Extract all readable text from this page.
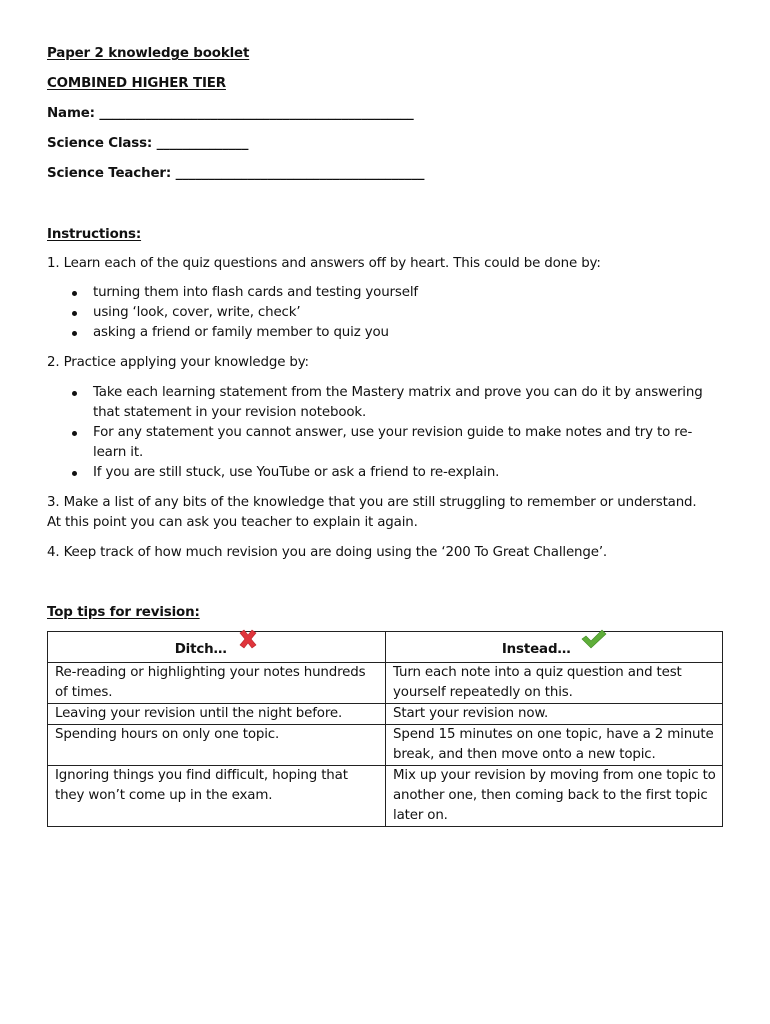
Paper 2 knowledge booklet
COMBINED HIGHER TIER
Name: ________________________________________________
Science Class: ______________
Science Teacher: ______________________________________
Instructions:
1. Learn each of the quiz questions and answers off by heart. This could be done by:
turning them into flash cards and testing yourself
using ‘look, cover, write, check’
asking a friend or family member to quiz you
2. Practice applying your knowledge by:
Take each learning statement from the Mastery matrix and prove you can do it by answering
that statement in your revision notebook.
For any statement you cannot answer, use your revision guide to make notes and try to re-
learn it.
If you are still stuck, use YouTube or ask a friend to re-explain.
3. Make a list of any bits of the knowledge that you are still struggling to remember or understand.
At this point you can ask you teacher to explain it again.
4. Keep track of how much revision you are doing using the ‘200 To Great Challenge’.
Top tips for revision:
Ditch…	Instead…

Re-reading or highlighting your notes hundreds
of times.	Turn each note into a quiz question and test
yourself repeatedly on this.

Leaving your revision until the night before.	Start your revision now.

Spending hours on only one topic.	Spend 15 minutes on one topic, have a 2 minute
break, and then move onto a new topic.

Ignoring things you find difficult, hoping that
they won’t come up in the exam.	Mix up your revision by moving from one topic to
another one, then coming back to the first topic
later on.
